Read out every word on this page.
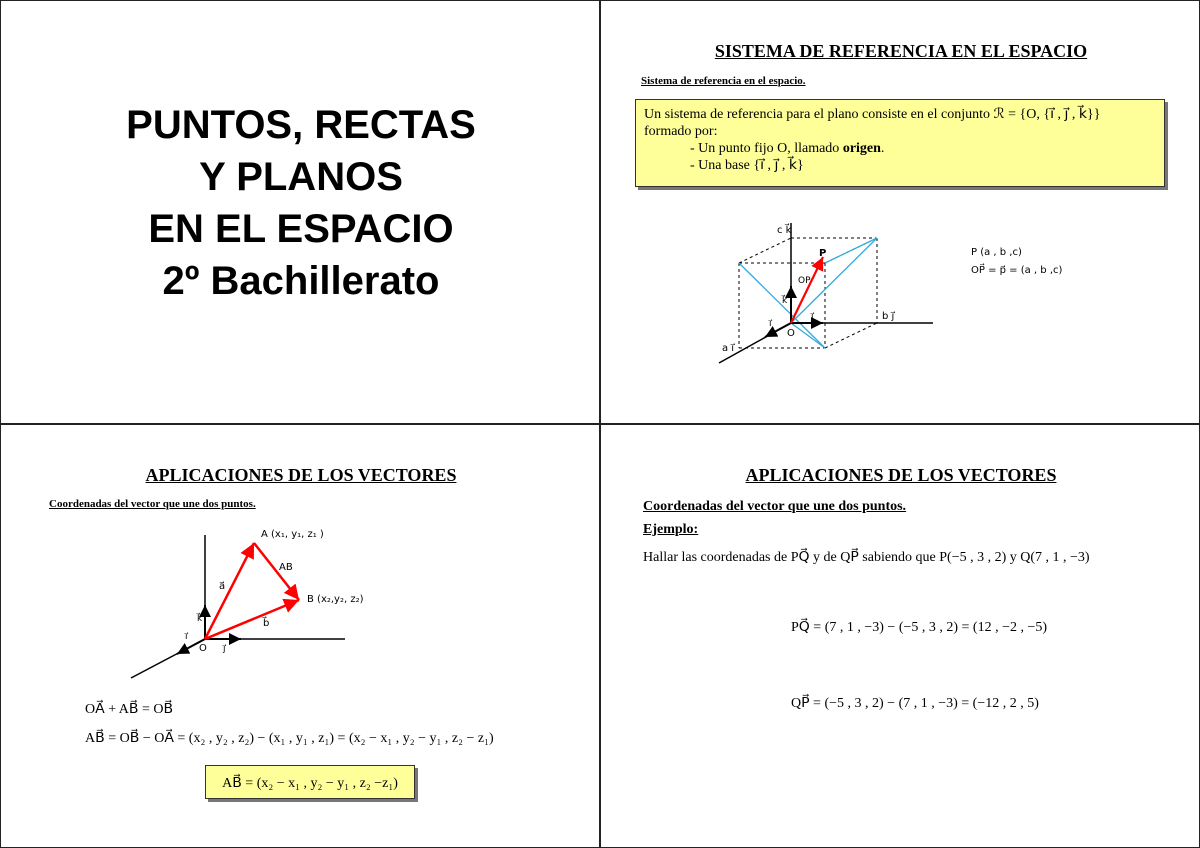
PUNTOS, RECTAS
Y PLANOS
EN EL ESPACIO
2º Bachillerato
SISTEMA DE REFERENCIA EN EL ESPACIO
Sistema de referencia en el espacio.
Un sistema de referencia para el plano consiste en el conjunto ℛ = {O, {i⃗ , j⃗ , k⃗}}
formado por:
- Un punto fijo O, llamado origen.
- Una base {i⃗ , j⃗ , k⃗}
c k⃗
b j⃗
a i⃗
P
O
OP
k⃗
i⃗
j⃗
P (a , b ,c)
OP⃗ = p⃗ = (a , b ,c)
APLICACIONES DE LOS VECTORES
Coordenadas del vector que une dos puntos.
A (x₁, y₁, z₁ )
B (x₂,y₂, z₂)
AB
a⃗
b⃗
k⃗
i⃗
j⃗
O
OA⃗ + AB⃗ = OB⃗
AB⃗ = OB⃗ − OA⃗ = (x₂ , y₂ , z₂) − (x₁ , y₁ , z₁) = (x₂ − x₁ , y₂ − y₁ , z₂ − z₁)
AB⃗ = (x₂ − x₁ , y₂ − y₁ , z₂ −z₁)
APLICACIONES DE LOS VECTORES
Coordenadas del vector que une dos puntos.
Ejemplo:
Hallar las coordenadas de PQ⃗ y de QP⃗ sabiendo que P(−5 , 3 , 2) y Q(7 , 1 , −3)
PQ⃗ = (7 , 1 , −3) − (−5 , 3 , 2) = (12 , −2 , −5)
QP⃗ = (−5 , 3 , 2) − (7 , 1 , −3) = (−12 , 2 , 5)
